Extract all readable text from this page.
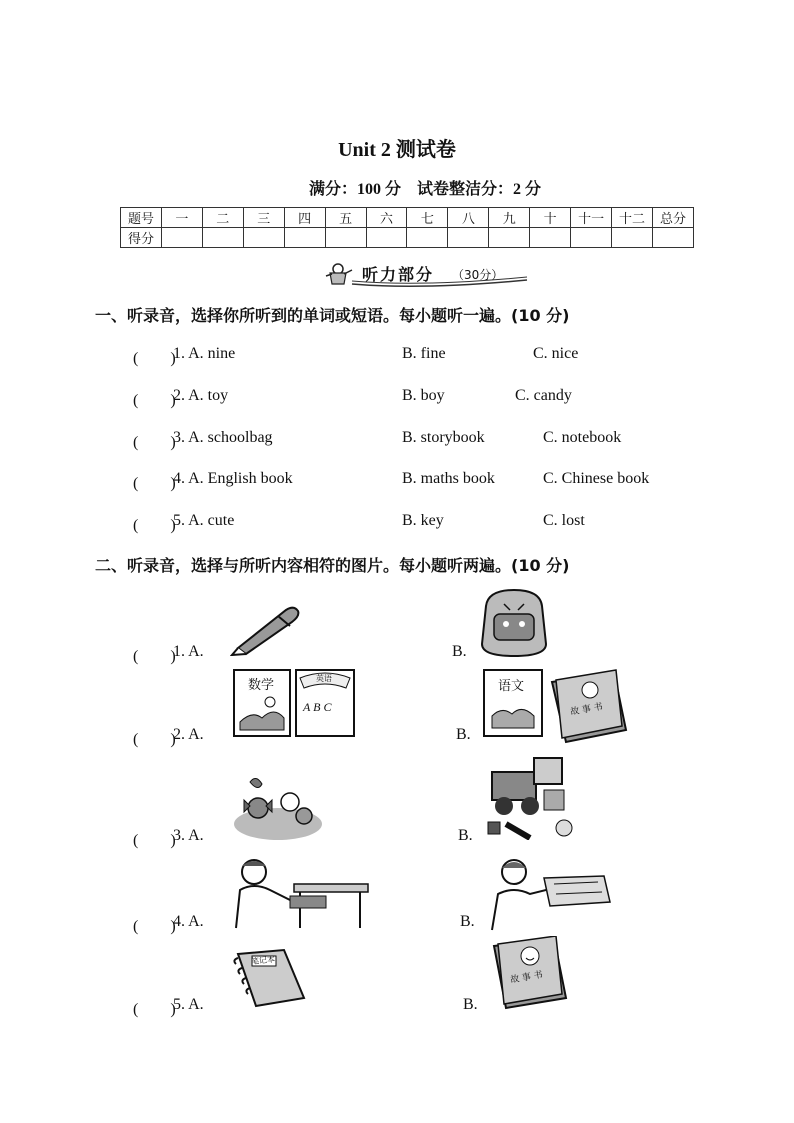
Unit 2 测试卷
满分：100 分　试卷整洁分：2 分
题号	一	二	三	四	五	六	七	八	九	十	十一	十二	总分
得分													
听力部分 （30分）
一、听录音，选择你所听到的单词或短语。每小题听一遍。(10 分)
(　　)
1. A. nine	B. fine	C. nice
(　　)
2. A. toy	B. boy	C. candy
(　　)
3. A. schoolbag	B. storybook	C. notebook
(　　)
4. A. English book	B. maths book	C. Chinese book
(　　)
5. A. cute	B. key	C. lost
二、听录音，选择与所听内容相符的图片。每小题听两遍。(10 分)
(　　)
1. A.	B.
(　　)
2. A.	B.
(　　)
3. A.	B.
(　　)
4. A.	B.
(　　)
5. A.	B.
数学	英语
A B C
语文
故 事 书
笔记本
故 事 书
